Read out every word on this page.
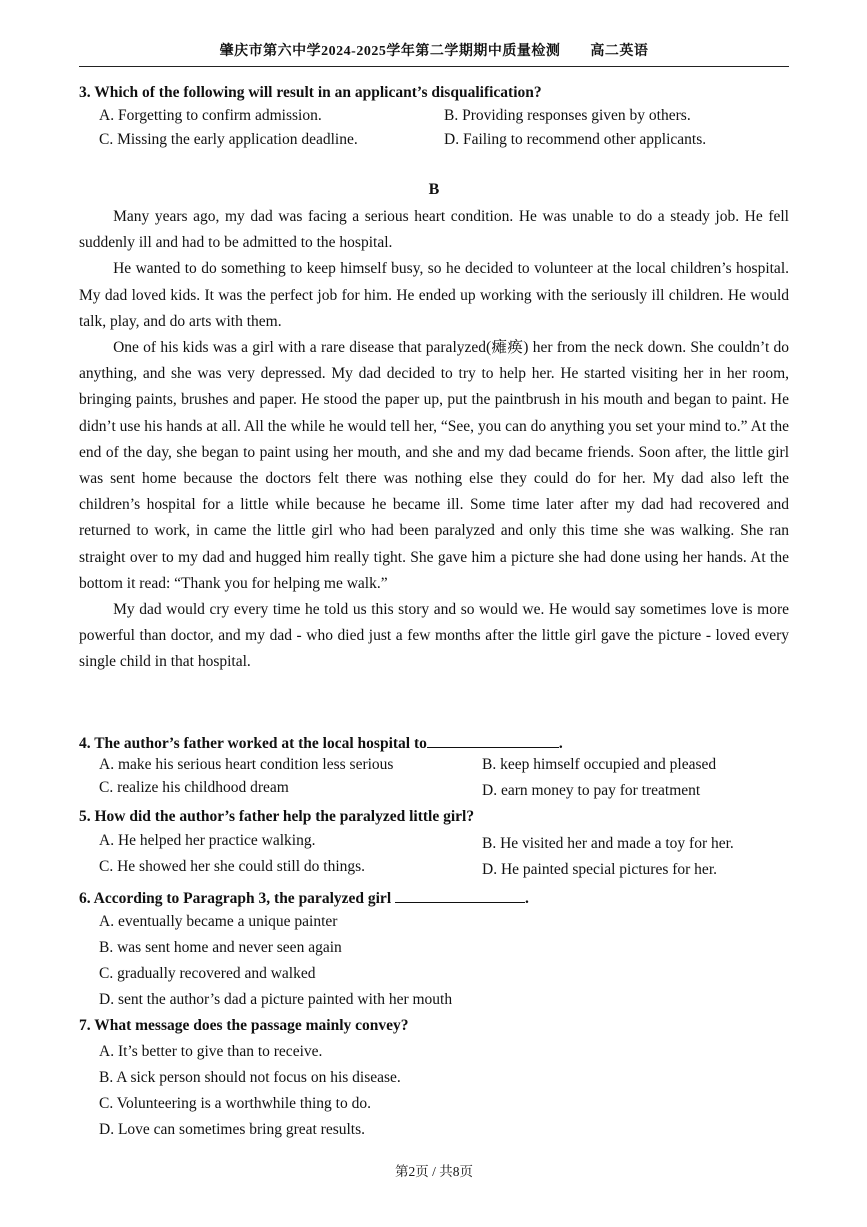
肇庆市第六中学2024-2025学年第二学期期中质量检测 高二英语
3. Which of the following will result in an applicant’s disqualification?
A. Forgetting to confirm admission.	B. Providing responses given by others.
C. Missing the early application deadline.	D. Failing to recommend other applicants.
B

Many years ago, my dad was facing a serious heart condition. He was unable to do a steady job. He fell suddenly ill and had to be admitted to the hospital.

He wanted to do something to keep himself busy, so he decided to volunteer at the local children’s hospital. My dad loved kids. It was the perfect job for him. He ended up working with the seriously ill children. He would talk, play, and do arts with them.

One of his kids was a girl with a rare disease that paralyzed(瘫痪) her from the neck down. She couldn’t do anything, and she was very depressed. My dad decided to try to help her. He started visiting her in her room, bringing paints, brushes and paper. He stood the paper up, put the paintbrush in his mouth and began to paint. He didn’t use his hands at all. All the while he would tell her, “See, you can do anything you set your mind to.” At the end of the day, she began to paint using her mouth, and she and my dad became friends. Soon after, the little girl was sent home because the doctors felt there was nothing else they could do for her. My dad also left the children’s hospital for a little while because he became ill. Some time later after my dad had recovered and returned to work, in came the little girl who had been paralyzed and only this time she was walking. She ran straight over to my dad and hugged him really tight. She gave him a picture she had done using her hands. At the bottom it read: “Thank you for helping me walk.”

My dad would cry every time he told us this story and so would we. He would say sometimes love is more powerful than doctor, and my dad - who died just a few months after the little girl gave the picture - loved every single child in that hospital.

4. The author’s father worked at the local hospital to	.
A. make his serious heart condition less serious	B. keep himself occupied and pleased
C. realize his childhood dream	D. earn money to pay for treatment
5. How did the author’s father help the paralyzed little girl?
A. He helped her practice walking.	B. He visited her and made a toy for her.
C. He showed her she could still do things.	D. He painted special pictures for her.
6. According to Paragraph 3, the paralyzed girl	.
A. eventually became a unique painter
B. was sent home and never seen again
C. gradually recovered and walked
D. sent the author’s dad a picture painted with her mouth
7. What message does the passage mainly convey?
A. It’s better to give than to receive.
B. A sick person should not focus on his disease.
C. Volunteering is a worthwhile thing to do.
D. Love can sometimes bring great results.
第2页 / 共8页
